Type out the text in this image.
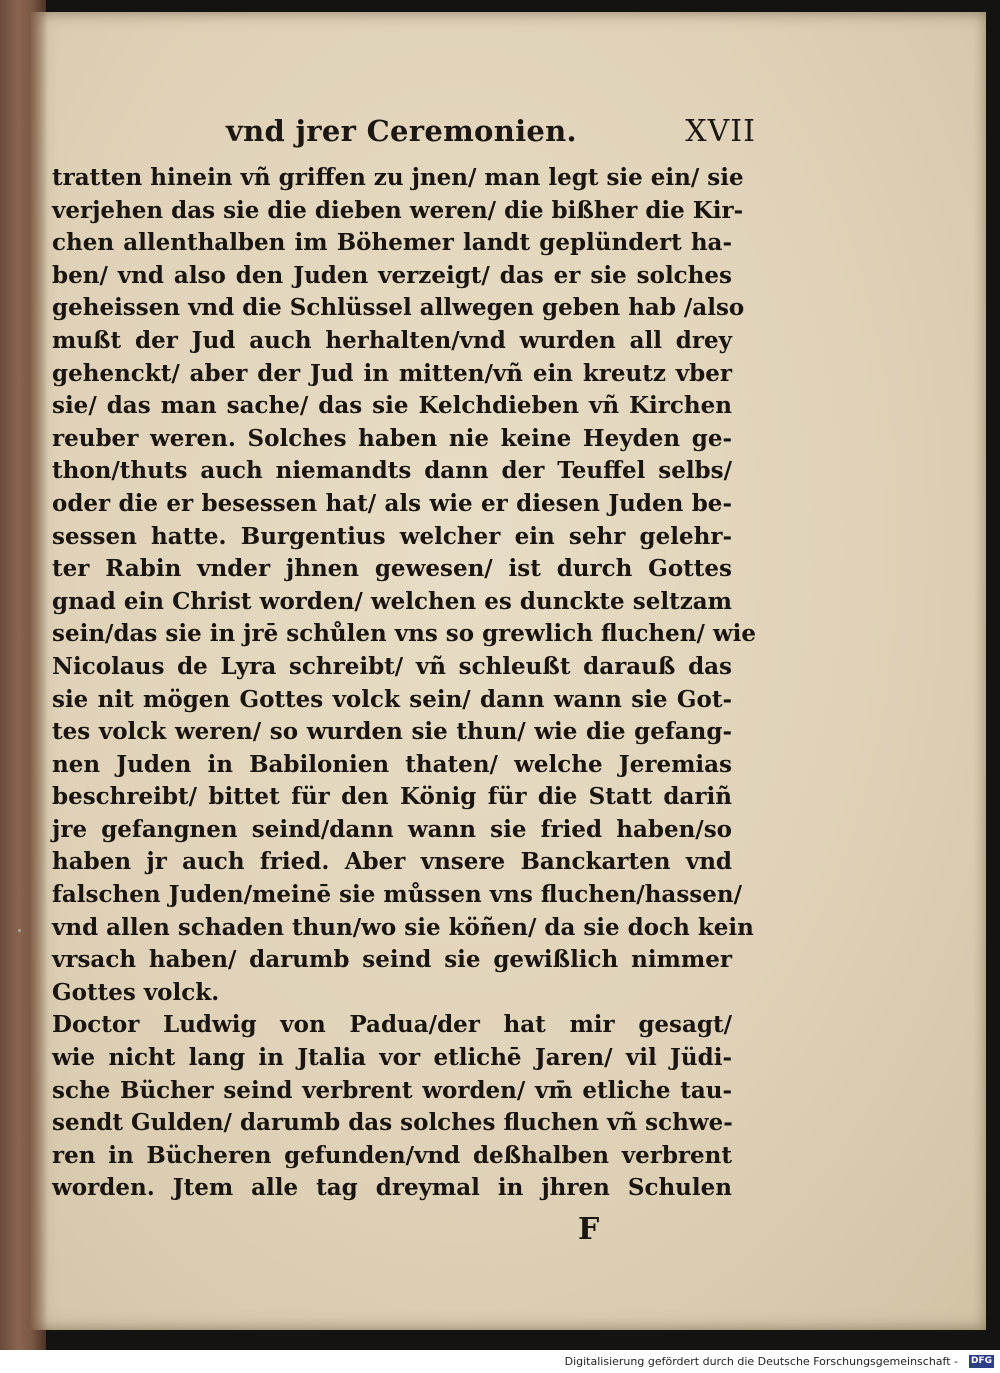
vnd jrer Ceremonien.	XVII
tratten hinein vñ griffen zu jnen/ man legt sie ein/ sie
verjehen das sie die dieben weren/ die bißher die Kir-
chen allenthalben im Böhemer landt geplündert ha-
ben/ vnd also den Juden verzeigt/ das er sie solches
geheissen vnd die Schlüssel allwegen geben hab /also
mußt der Jud auch herhalten/vnd wurden all drey
gehenckt/ aber der Jud in mitten/vñ ein kreutz vber
sie/ das man sache/ das sie Kelchdieben vñ Kirchen
reuber weren. Solches haben nie keine Heyden ge-
thon/thuts auch niemandts dann der Teuffel selbs/
oder die er besessen hat/ als wie er diesen Juden be-
sessen hatte. Burgentius welcher ein sehr gelehr-
ter Rabin vnder jhnen gewesen/ ist durch Gottes
gnad ein Christ worden/ welchen es dunckte seltzam
sein/das sie in jrē schůlen vns so grewlich fluchen/ wie
Nicolaus de Lyra schreibt/ vñ schleußt darauß das
sie nit mögen Gottes volck sein/ dann wann sie Got-
tes volck weren/ so wurden sie thun/ wie die gefang-
nen Juden in Babilonien thaten/ welche Jeremias
beschreibt/ bittet für den König für die Statt dariñ
jre gefangnen seind/dann wann sie fried haben/so
haben jr auch fried. Aber vnsere Banckarten vnd
falschen Juden/meinē sie můssen vns fluchen/hassen/
vnd allen schaden thun/wo sie köñen/ da sie doch kein
vrsach haben/ darumb seind sie gewißlich nimmer
Gottes volck.
Doctor Ludwig von Padua/der hat mir gesagt/
wie nicht lang in Jtalia vor etlichē Jaren/ vil Jüdi-
sche Bücher seind verbrent worden/ vm̄ etliche tau-
sendt Gulden/ darumb das solches fluchen vñ schwe-
ren in Bücheren gefunden/vnd deßhalben verbrent
worden. Jtem alle tag dreymal in jhren Schulen
F
Digitalisierung gefördert durch die Deutsche Forschungsgemeinschaft - DFG
